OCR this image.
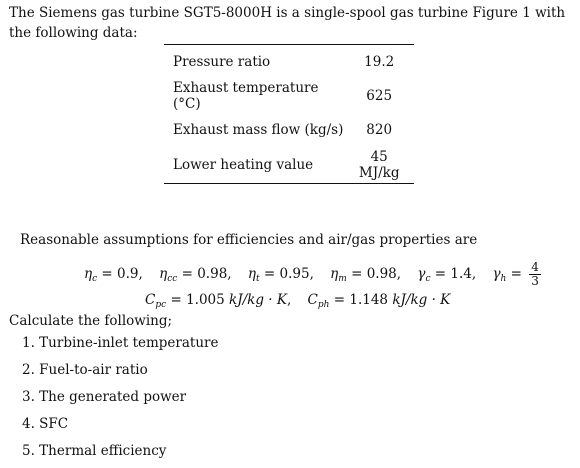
The Siemens gas turbine SGT5-8000H is a single-spool gas turbine Figure 1 with the following data:
Pressure ratio	19.2
Exhaust temperature (°C)	625
Exhaust mass flow (kg/s)	820
Lower heating value	45 MJ/kg
Reasonable assumptions for efficiencies and air/gas properties are
$\eta_c = 0.9$, $\eta_{cc} = 0.98$, $\eta_t = 0.95$, $\eta_m = 0.98$, $\gamma_c = 1.4$, $\gamma_h = \frac{4}{3}$
$C_{pc} = 1.005$ kJ/kg · K, $C_{ph} = 1.148$ kJ/kg · K
Calculate the following;
1. Turbine-inlet temperature
2. Fuel-to-air ratio
3. The generated power
4. SFC
5. Thermal efficiency
